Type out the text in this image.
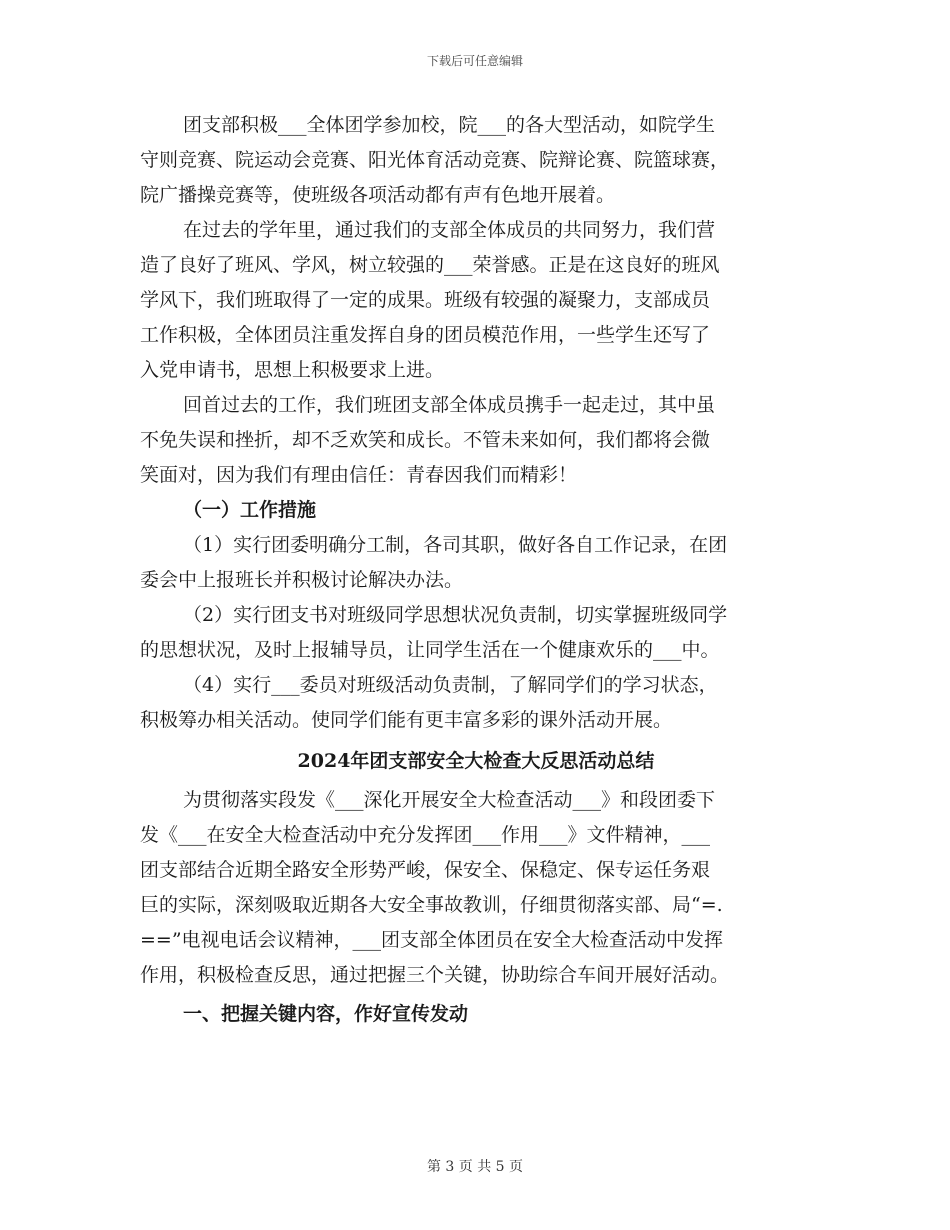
下载后可任意编辑
团支部积极___全体团学参加校，院___的各大型活动，如院学生
守则竞赛、院运动会竞赛、阳光体育活动竞赛、院辩论赛、院篮球赛，
院广播操竞赛等，使班级各项活动都有声有色地开展着。
在过去的学年里，通过我们的支部全体成员的共同努力，我们营
造了良好了班风、学风，树立较强的___荣誉感。正是在这良好的班风
学风下，我们班取得了一定的成果。班级有较强的凝聚力，支部成员
工作积极，全体团员注重发挥自身的团员模范作用，一些学生还写了
入党申请书，思想上积极要求上进。
回首过去的工作，我们班团支部全体成员携手一起走过，其中虽
不免失误和挫折，却不乏欢笑和成长。不管未来如何，我们都将会微
笑面对，因为我们有理由信任：青春因我们而精彩！
（一）工作措施
（1）实行团委明确分工制，各司其职，做好各自工作记录，在团
委会中上报班长并积极讨论解决办法。
（2）实行团支书对班级同学思想状况负责制，切实掌握班级同学
的思想状况，及时上报辅导员，让同学生活在一个健康欢乐的___中。
（4）实行___委员对班级活动负责制，了解同学们的学习状态，
积极筹办相关活动。使同学们能有更丰富多彩的课外活动开展。
2024年团支部安全大检查大反思活动总结
为贯彻落实段发《___深化开展安全大检查活动___》和段团委下
发《___在安全大检查活动中充分发挥团___作用___》文件精神，___
团支部结合近期全路安全形势严峻，保安全、保稳定、保专运任务艰
巨的实际，深刻吸取近期各大安全事故教训，仔细贯彻落实部、局“=.
==”电视电话会议精神，___团支部全体团员在安全大检查活动中发挥
作用，积极检查反思，通过把握三个关键，协助综合车间开展好活动。
一、把握关键内容，作好宣传发动
第 3 页 共 5 页
